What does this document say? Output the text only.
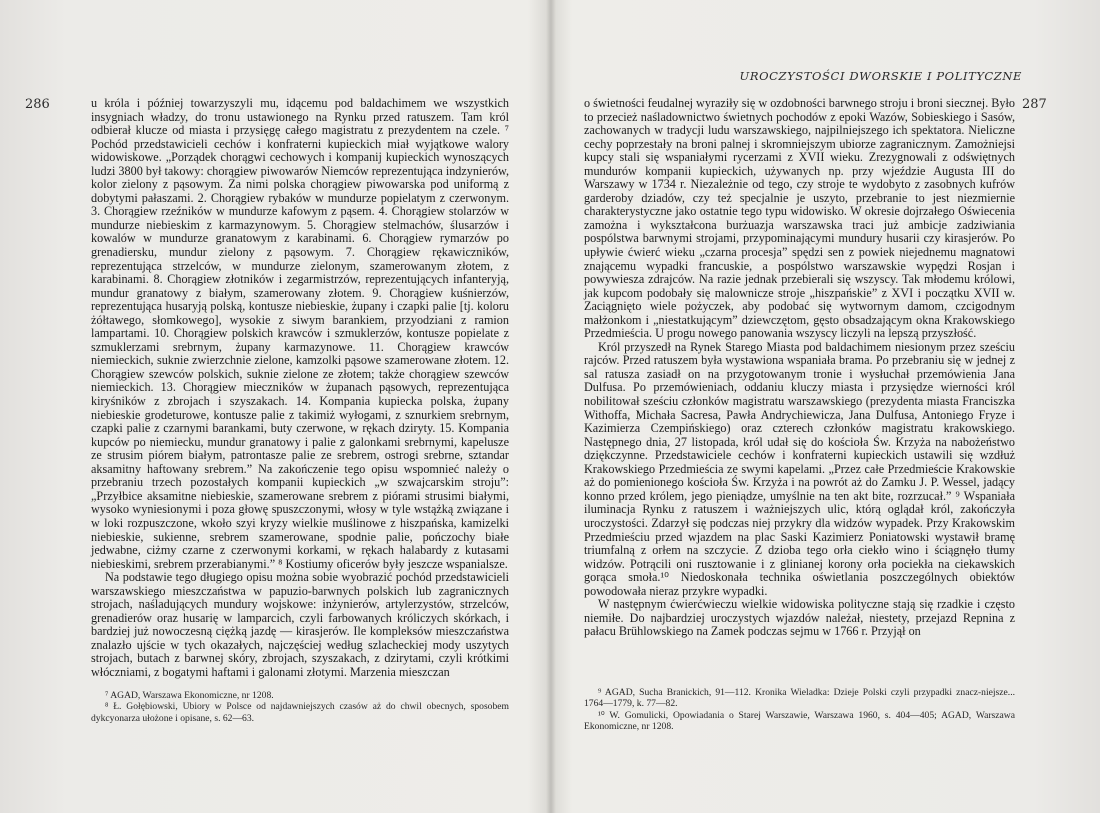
286	u króla i później towarzyszyli mu, idącemu pod baldachimem we wszystkich insygniach władzy, do tronu ustawionego na Rynku przed ratuszem. Tam król odbierał klucze od miasta i przysięgę całego magistratu z prezydentem na czele. ⁷ Pochód przedstawicieli cechów i konfraterni kupieckich miał wyjątkowe walory widowiskowe. „Porządek chorągwi cechowych i kompanij kupieckich wynoszących ludzi 3800 był takowy: chorągiew piwowarów Niemców reprezentująca indzynierów, kolor zielony z pąsowym. Za nimi polska chorągiew piwowarska pod uniformą z dobytymi pałaszami. 2. Chorągiew rybaków w mundurze popielatym z czerwonym. 3. Chorągiew rzeźników w mundurze kafowym z pąsem. 4. Chorągiew stolarzów w mundurze niebieskim z karmazynowym. 5. Chorągiew stelmachów, ślusarzów i kowalów w mundurze granatowym z karabinami. 6. Chorągiew rymarzów po grenadiersku, mundur zielony z pąsowym. 7. Chorągiew rękawiczników, reprezentująca strzelców, w mundurze zielonym, szamerowanym złotem, z karabinami. 8. Chorągiew złotników i zegarmistrzów, reprezentujących infanteryją, mundur granatowy z białym, szamerowany złotem. 9. Chorągiew kuśnierzów, reprezentująca husaryją polską, kontusze niebieskie, żupany i czapki palie [tj. koloru żółtawego, słomkowego], wysokie z siwym barankiem, przyodziani z ramion lampartami. 10. Chorągiew polskich krawców i szmuklerzów, kontusze popielate z szmuklerzami srebrnym, żupany karmazynowe. 11. Chorągiew krawców niemieckich, suknie zwierzchnie zielone, kamzolki pąsowe szamerowane złotem. 12. Chorągiew szewców polskich, suknie zielone ze złotem; także chorągiew szewców niemieckich. 13. Chorągiew mieczników w żupanach pąsowych, reprezentująca kiryśników z zbrojach i szyszakach. 14. Kompania kupiecka polska, żupany niebieskie grodeturowe, kontusze palie z takimiż wyłogami, z sznurkiem srebrnym, czapki palie z czarnymi barankami, buty czerwone, w rękach dziryty. 15. Kompania kupców po niemiecku, mundur granatowy i palie z galonkami srebrnymi, kapelusze ze strusim piórem białym, patrontasze palie ze srebrem, ostrogi srebrne, sztandar aksamitny haftowany srebrem.” Na zakończenie tego opisu wspomnieć należy o przebraniu trzech pozostałych kompanii kupieckich „w szwajcarskim stroju”: „Przyłbice aksamitne niebieskie, szamerowane srebrem z piórami strusimi białymi, wysoko wyniesionymi i poza głowę spuszczonymi, włosy w tyle wstążką związane i w loki rozpuszczone, wkoło szyi kryzy wielkie muślinowe z hiszpańska, kamizelki niebieskie, sukienne, srebrem szamerowane, spodnie palie, pończochy białe jedwabne, ciżmy czarne z czerwonymi korkami, w rękach halabardy z kutasami niebieskimi, srebrem przerabianymi.” ⁸ Kostiumy oficerów były jeszcze wspanialsze.

Na podstawie tego długiego opisu można sobie wyobrazić pochód przedstawicieli warszawskiego mieszczaństwa w papuzio-barwnych polskich lub zagranicznych strojach, naśladujących mundury wojskowe: inżynierów, artylerzystów, strzelców, grenadierów oraz husarię w lamparcich, czyli farbowanych króliczych skórkach, i bardziej już nowoczesną ciężką jazdę — kirasjerów. Ile kompleksów mieszczaństwa znalazło ujście w tych okazałych, najczęściej według szlacheckiej mody uszytych strojach, butach z barwnej skóry, zbrojach, szyszakach, z dzirytami, czyli krótkimi włóczniami, z bogatymi haftami i galonami złotymi. Marzenia mieszczan

⁷ AGAD, Warszawa Ekonomiczne, nr 1208.

⁸ Ł. Gołębiowski, Ubiory w Polsce od najdawniejszych czasów aż do chwil obecnych, sposobem dykcyonarza ułożone i opisane, s. 62—63.

UROCZYSTOŚCI DWORSKIE I POLITYCZNE
287

o świetności feudalnej wyraziły się w ozdobności barwnego stroju i broni siecznej. Było to przecież naśladownictwo świetnych pochodów z epoki Wazów, Sobieskiego i Sasów, zachowanych w tradycji ludu warszawskiego, najpilniejszego ich spektatora. Nieliczne cechy poprzestały na broni palnej i skromniejszym ubiorze zagranicznym. Zamożniejsi kupcy stali się wspaniałymi rycerzami z XVII wieku. Zrezygnowali z odświętnych mundurów kompanii kupieckich, używanych np. przy wjeździe Augusta III do Warszawy w 1734 r. Niezależnie od tego, czy stroje te wydobyto z zasobnych kufrów garderoby dziadów, czy też specjalnie je uszyto, przebranie to jest niezmiernie charakterystyczne jako ostatnie tego typu widowisko. W okresie dojrzałego Oświecenia zamożna i wykształcona burżuazja warszawska traci już ambicje zadziwiania pospólstwa barwnymi strojami, przypominającymi mundury husarii czy kirasjerów. Po upływie ćwierć wieku „czarna procesja” spędzi sen z powiek niejednemu magnatowi znającemu wypadki francuskie, a pospólstwo warszawskie wypędzi Rosjan i powywiesza zdrajców. Na razie jednak przebierali się wszyscy. Tak młodemu królowi, jak kupcom podobały się malownicze stroje „hiszpańskie” z XVI i początku XVII w. Zaciągnięto wiele pożyczek, aby podobać się wytwornym damom, czcigodnym małżonkom i „niestatkującym” dziewczętom, gęsto obsadzającym okna Krakowskiego Przedmieścia. U progu nowego panowania wszyscy liczyli na lepszą przyszłość.

Król przyszedł na Rynek Starego Miasta pod baldachimem niesionym przez sześciu rajców. Przed ratuszem była wystawiona wspaniała brama. Po przebraniu się w jednej z sal ratusza zasiadł on na przygotowanym tronie i wysłuchał przemówienia Jana Dulfusa. Po przemówieniach, oddaniu kluczy miasta i przysiędze wierności król nobilitował sześciu członków magistratu warszawskiego (prezydenta miasta Franciszka Withoffa, Michała Sacresa, Pawła Andrychiewicza, Jana Dulfusa, Antoniego Fryze i Kazimierza Czempińskiego) oraz czterech członków magistratu krakowskiego. Następnego dnia, 27 listopada, król udał się do kościoła Św. Krzyża na nabożeństwo dziękczynne. Przedstawiciele cechów i konfraterni kupieckich ustawili się wzdłuż Krakowskiego Przedmieścia ze swymi kapelami. „Przez całe Przedmieście Krakowskie aż do pomienionego kościoła Św. Krzyża i na powrót aż do Zamku J. P. Wessel, jadący konno przed królem, jego pieniądze, umyślnie na ten akt bite, rozrzucał.” ⁹ Wspaniała iluminacja Rynku z ratuszem i ważniejszych ulic, którą oglądał król, zakończyła uroczystości. Zdarzył się podczas niej przykry dla widzów wypadek. Przy Krakowskim Przedmieściu przed wjazdem na plac Saski Kazimierz Poniatowski wystawił bramę triumfalną z orłem na szczycie. Z dzioba tego orła ciekło wino i ściągnęło tłumy widzów. Potrącili oni rusztowanie i z glinianej korony orła pociekła na ciekawskich gorąca smoła.¹⁰ Niedoskonała technika oświetlania poszczególnych obiektów powodowała nieraz przykre wypadki.

W następnym ćwierćwieczu wielkie widowiska polityczne stają się rzadkie i często niemiłe. Do najbardziej uroczystych wjazdów należał, niestety, przejazd Repnina z pałacu Brühlowskiego na Zamek podczas sejmu w 1766 r. Przyjął on

⁹ AGAD, Sucha Branickich, 91—112. Kronika Wieladka: Dzieje Polski czyli przypadki znacz-niejsze... 1764—1779, k. 77—82.

¹⁰ W. Gomulicki, Opowiadania o Starej Warszawie, Warszawa 1960, s. 404—405; AGAD, Warszawa Ekonomiczne, nr 1208.
